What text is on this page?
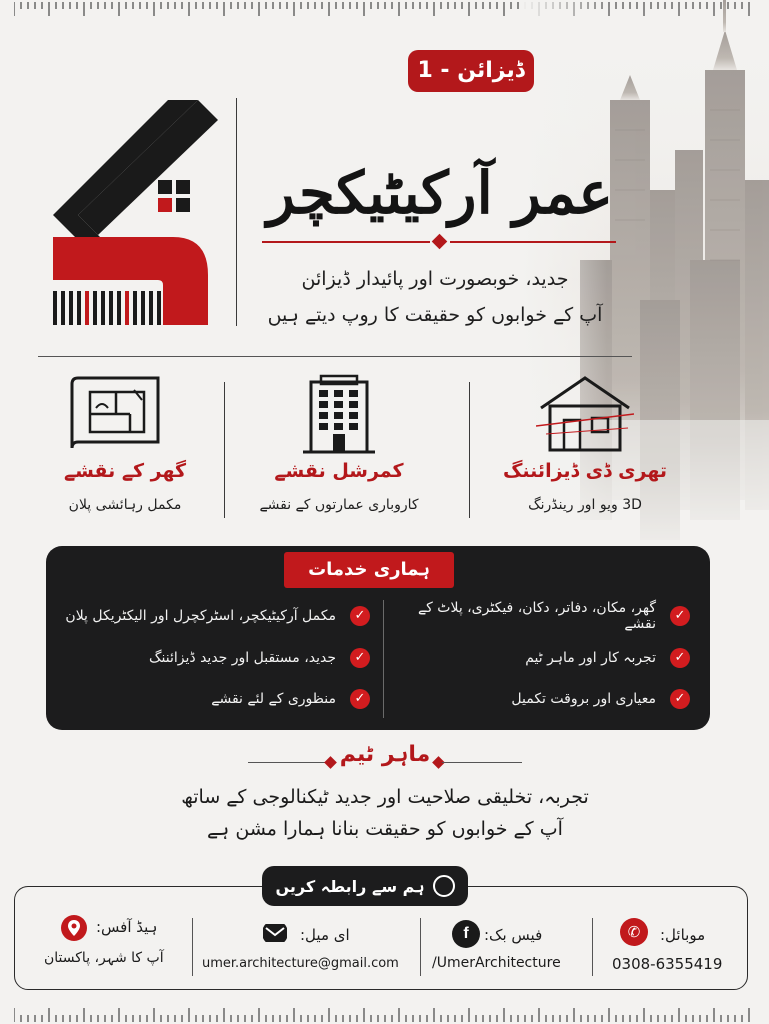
ڈیزائن - 1
عمر آرکیٹیکچر
جدید، خوبصورت اور پائیدار ڈیزائن
آپ کے خوابوں کو حقیقت کا روپ دیتے ہیں
تھری ڈی ڈیزائننگ
3D ویو اور رینڈرنگ
کمرشل نقشے
کاروباری عمارتوں کے نقشے
گھر کے نقشے
مکمل رہائشی پلان
ہماری خدمات
✓
گھر، مکان، دفاتر، دکان، فیکٹری، پلاٹ کے نقشے
✓
تجربہ کار اور ماہر ٹیم
✓
معیاری اور بروقت تکمیل
✓
مکمل آرکیٹیکچر، اسٹرکچرل اور الیکٹریکل پلان
✓
جدید، مستقبل اور جدید ڈیزائننگ
✓
منظوری کے لئے نقشے
ماہر ٹیم
تجربہ، تخلیقی صلاحیت اور جدید ٹیکنالوجی کے ساتھ
آپ کے خوابوں کو حقیقت بنانا ہمارا مشن ہے
ہم سے رابطہ کریں
✆	موبائل:
0308-6355419
f	فیس بک:
/UmerArchitecture
ای میل:
umer.architecture@gmail.com
ہیڈ آفس:
آپ کا شہر، پاکستان
